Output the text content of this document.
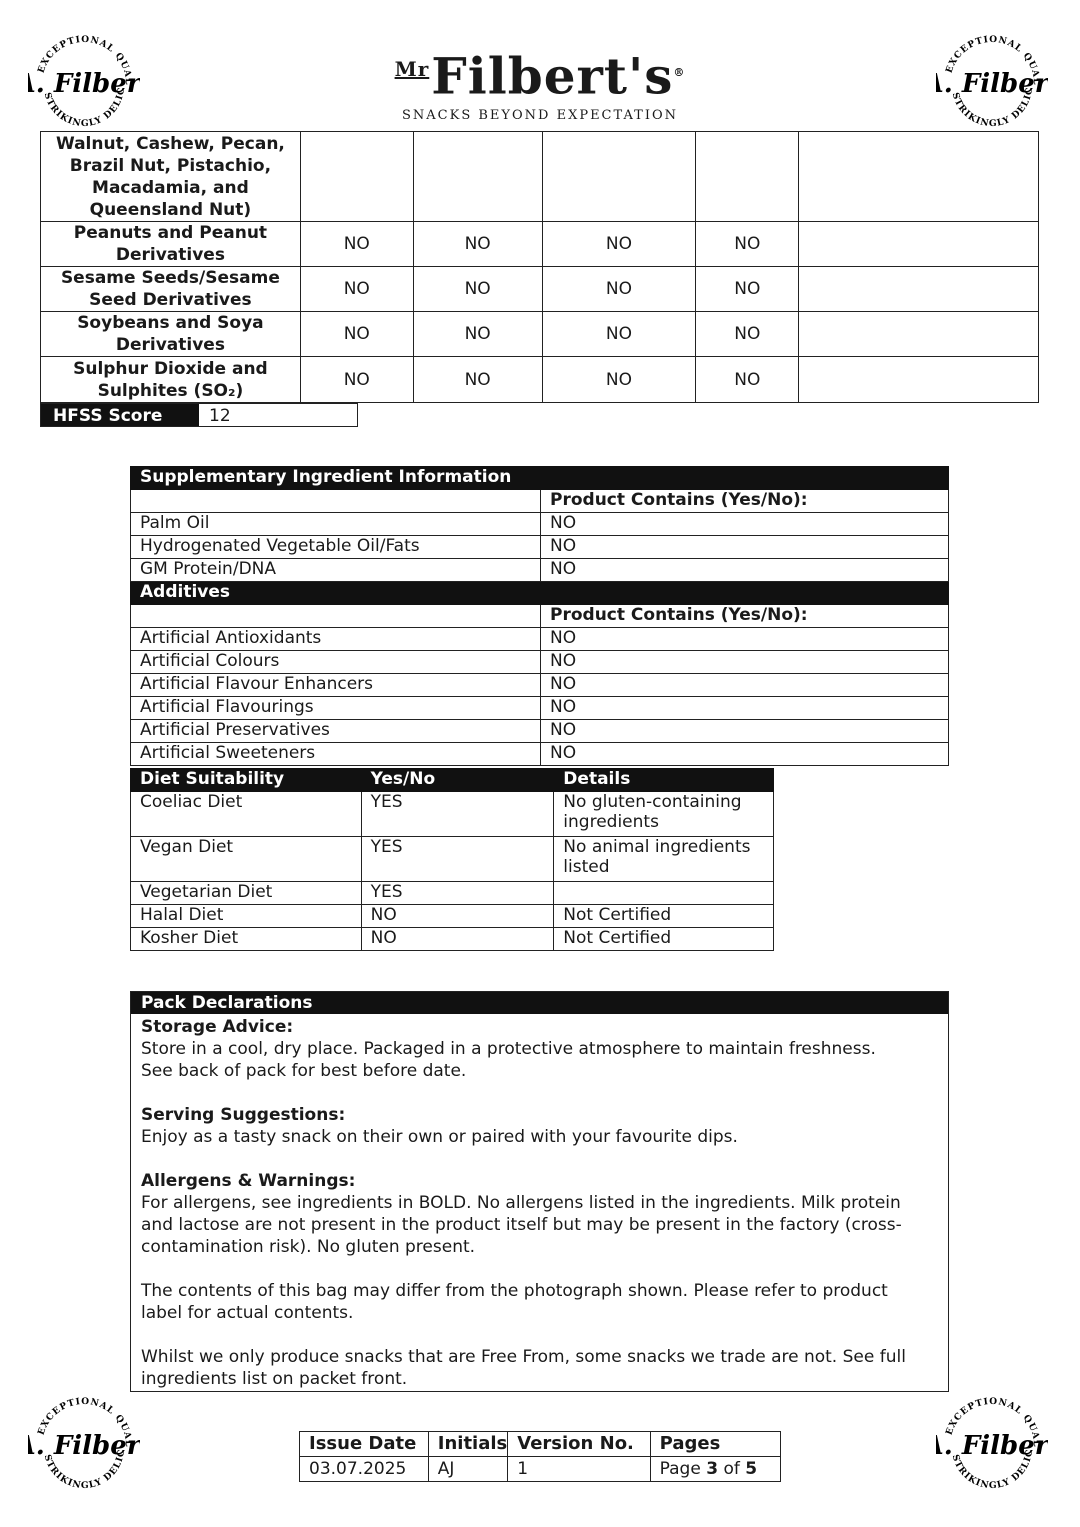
$^{Mr}$Filbert's®
SNACKS BEYOND EXPECTATION
EXCEPTIONAL QUAL
STRIKINGLY DELIC
. Filber	EXCEPTIONAL QUAL
STRIKINGLY DELIC
. Filber
EXCEPTIONAL QUAL
STRIKINGLY DELIC
. Filber	EXCEPTIONAL QUAL
STRIKINGLY DELIC
. Filber
Walnut, Cashew, Pecan, Brazil Nut, Pistachio, Macadamia, and Queensland Nut)					
Peanuts and Peanut Derivatives	NO	NO	NO	NO	
Sesame Seeds/Sesame Seed Derivatives	NO	NO	NO	NO	
Soybeans and Soya Derivatives	NO	NO	NO	NO	
Sulphur Dioxide and Sulphites (SO₂)	NO	NO	NO	NO	
HFSS Score	12
Supplementary Ingredient Information	
	Product Contains (Yes/No):
Palm Oil	NO
Hydrogenated Vegetable Oil/Fats	NO
GM Protein/DNA	NO
Additives	
	Product Contains (Yes/No):
Artificial Antioxidants	NO
Artificial Colours	NO
Artificial Flavour Enhancers	NO
Artificial Flavourings	NO
Artificial Preservatives	NO
Artificial Sweeteners	NO
Diet Suitability	Yes/No	Details
Coeliac Diet	YES	No gluten-containing ingredients
Vegan Diet	YES	No animal ingredients listed
Vegetarian Diet	YES	
Halal Diet	NO	Not Certified
Kosher Diet	NO	Not Certified
Pack Declarations
Storage Advice:
Store in a cool, dry place. Packaged in a protective atmosphere to maintain freshness.
See back of pack for best before date.
Serving Suggestions:
Enjoy as a tasty snack on their own or paired with your favourite dips.
Allergens & Warnings:
For allergens, see ingredients in BOLD. No allergens listed in the ingredients. Milk protein
and lactose are not present in the product itself but may be present in the factory (cross-
contamination risk). No gluten present.
The contents of this bag may differ from the photograph shown. Please refer to product
label for actual contents.
Whilst we only produce snacks that are Free From, some snacks we trade are not. See full
ingredients list on packet front.
Issue Date	Initials	Version No.	Pages
03.07.2025	AJ	1	Page 3 of 5
